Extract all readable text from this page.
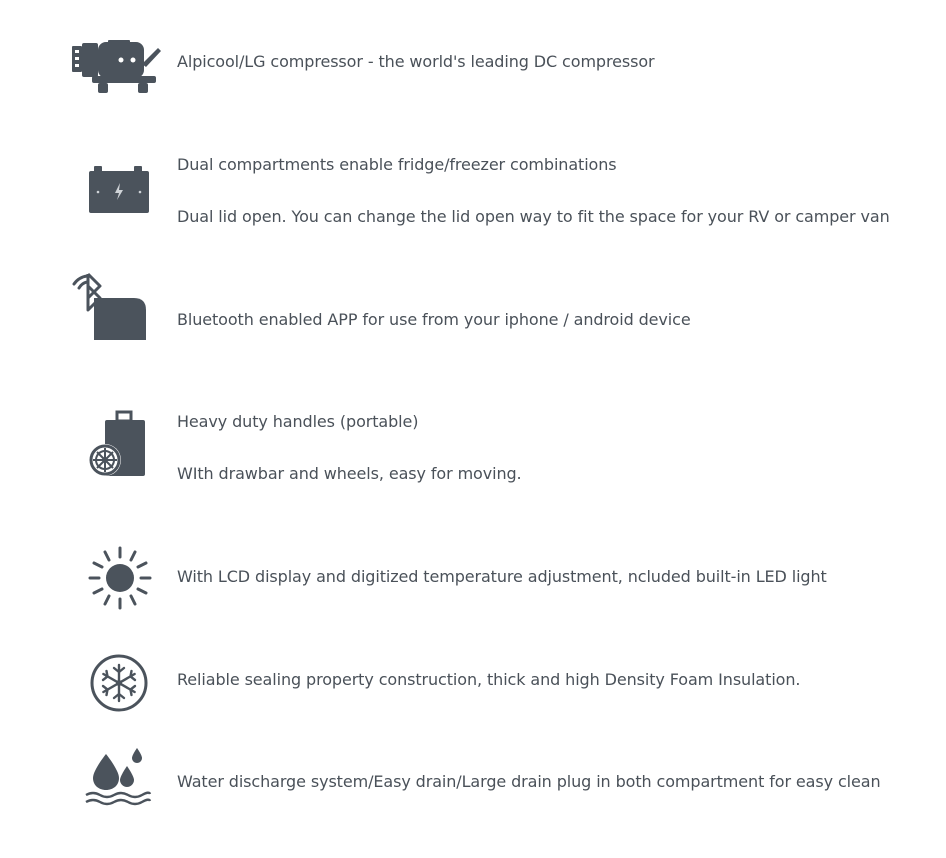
Alpicool/LG compressor - the world's leading DC compressor
Dual compartments enable fridge/freezer combinations
Dual lid open. You can change the lid open way to fit the space for your RV or camper van
Bluetooth enabled APP for use from your iphone / android device
Heavy duty handles (portable)
WIth drawbar and wheels, easy for moving.
With LCD display and digitized temperature adjustment, ncluded built-in LED light
Reliable sealing property construction, thick and high Density Foam Insulation.
Water discharge system/Easy drain/Large drain plug in both compartment for easy clean
